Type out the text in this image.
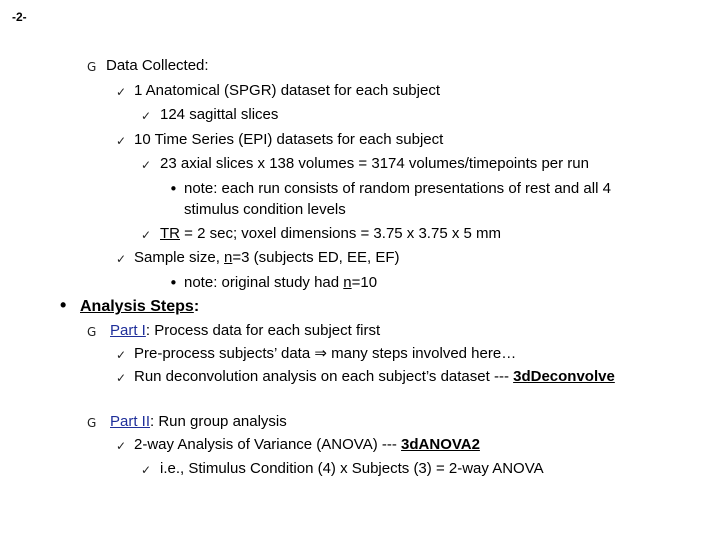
-2-
G Data Collected:
✓ 1 Anatomical (SPGR) dataset for each subject
✓ 124 sagittal slices
✓ 10 Time Series (EPI) datasets for each subject
✓ 23 axial slices x 138 volumes = 3174 volumes/timepoints per run
• note: each run consists of random presentations of rest and all 4
stimulus condition levels
✓ TR = 2 sec; voxel dimensions = 3.75 x 3.75 x 5 mm
✓ Sample size, n=3 (subjects ED, EE, EF)
• note: original study had n=10
• Analysis Steps:
G Part I: Process data for each subject first
✓ Pre-process subjects’ data ⇒ many steps involved here…
✓ Run deconvolution analysis on each subject’s dataset --- 3dDeconvolve
G Part II: Run group analysis
✓ 2-way Analysis of Variance (ANOVA) --- 3dANOVA2
✓ i.e., Stimulus Condition (4) x Subjects (3) = 2-way ANOVA
